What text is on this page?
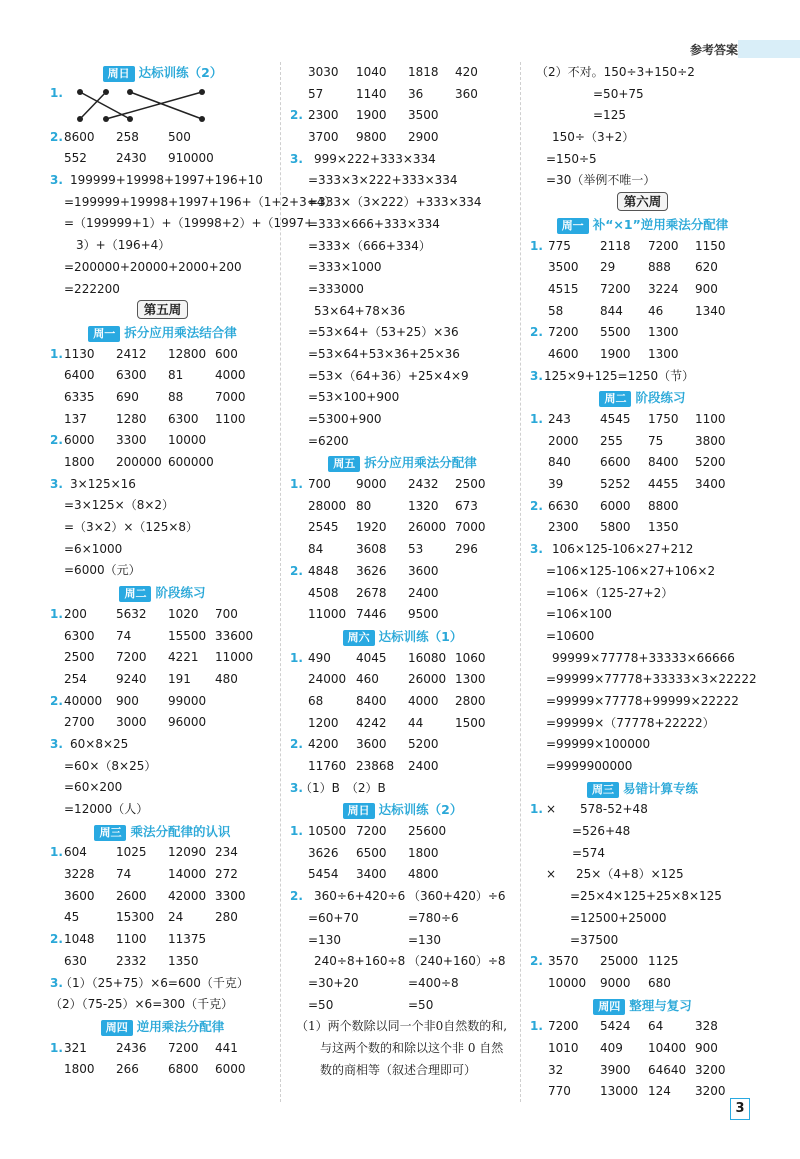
参考答案
周日 达标训练（2）
1.
2. 8600 258 500
552 2430 910000
3. 199999+19998+1997+196+10
=199999+19998+1997+196+（1+2+3+4）
=（199999+1）+（19998+2）+（1997+
3）+（196+4）
=200000+20000+2000+200
=222200
第五周
周一 拆分应用乘法结合律
1. 1130 2412 12800 600
6400 6300 81	4000
6335 690 88	7000
137 1280 6300 1100
2. 6000 3300 10000
1800 200000 600000
3. 3×125×16
=3×125×（8×2）
=（3×2）×（125×8）
=6×1000
=6000（元）
周二 阶段练习
1. 200 5632 1020 700
6300 74	15500 33600
2500 7200 4221 11000
254 9240 191 480
2. 40000 900 99000
2700 3000 96000
3. 60×8×25
=60×（8×25）
=60×200
=12000（人）
周三 乘法分配律的认识
1. 604 1025 12090 234
3228 74	14000 272
3600 2600 42000 3300
45	15300 24	280
2. 1048 1100 11375
630 2332 1350
3.
（1）（25+75）×6=600（千克）
（2）（75-25）×6=300（千克）
周四 逆用乘法分配律
1. 321 2436 7200 441
1800 266 6800 6000
3030 1040 1818 420
57	1140 36	360
2. 2300 1900 3500
3700 9800 2900
3. 999×222+333×334
=333×3×222+333×334
=333×（3×222）+333×334
=333×666+333×334
=333×（666+334）
=333×1000
=333000
53×64+78×36
=53×64+（53+25）×36
=53×64+53×36+25×36
=53×（64+36）+25×4×9
=53×100+900
=5300+900
=6200
周五 拆分应用乘法分配律
1. 700 9000 2432 2500
28000 80	1320 673
2545 1920 26000 7000
84	3608 53	296
2. 4848 3626 3600
4508 2678 2400
11000 7446 9500
周六 达标训练（1）
1. 490 4045 16080 1060
24000 460 26000 1300
68	8400 4000 2800
1200 4242 44	1500
2. 4200 3600 5200
11760 23868 2400
3.
（1）B　（2）B
周日 达标训练（2）
1. 10500 7200 25600
3626 6500 1800
5454 3400 4800
2. 360÷6+420÷6 （360+420）÷6
=60+70	=780÷6
=130	=130
240÷8+160÷8 （240+160）÷8
=30+20	=400÷8
=50	=50
（1）两个数除以同一个非0自然数的和,
与这两个数的和除以这个非 0 自然
数的商相等（叙述合理即可）
（2）不对。150÷3+150÷2
=50+75
=125
150÷（3+2）
=150÷5
=30（举例不唯一）
第六周
周一 补“×1”逆用乘法分配律
1. 775 2118 7200 1150
3500 29	888 620
4515 7200 3224 900
58	844 46	1340
2. 7200 5500 1300
4600 1900 1300
3. 125×9+125=1250（节）
周二 阶段练习
1. 243 4545 1750 1100
2000 255 75	3800
840 6600 8400 5200
39	5252 4455 3400
2. 6630 6000 8800
2300 5800 1350
3. 106×125-106×27+212
=106×125-106×27+106×2
=106×（125-27+2）
=106×100
=10600
99999×77778+33333×66666
=99999×77778+33333×3×22222
=99999×77778+99999×22222
=99999×（77778+22222）
=99999×100000
=9999900000
周三 易错计算专练
1. × 578-52+48
=526+48
=574
× 25×（4+8）×125
=25×4×125+25×8×125
=12500+25000
=37500
2. 3570 25000 1125
10000 9000 680
周四 整理与复习
1. 7200 5424 64	328
1010 409 10400 900
32	3900 64640 3200
770 13000 124 3200
3
